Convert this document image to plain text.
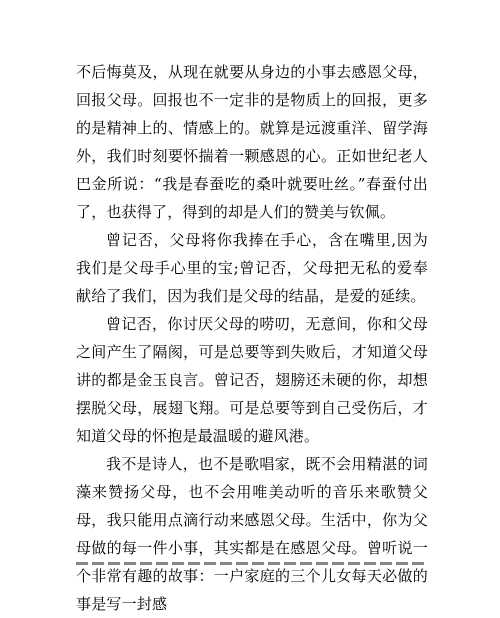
不后悔莫及，从现在就要从身边的小事去感恩父母，回报父母。回报也不一定非的是物质上的回报，更多的是精神上的、情感上的。就算是远渡重洋、留学海外，我们时刻要怀揣着一颗感恩的心。正如世纪老人巴金所说：“我是春蚕吃的桑叶就要吐丝。”春蚕付出了，也获得了，得到的却是人们的赞美与钦佩。

曾记否，父母将你我捧在手心，含在嘴里,因为我们是父母手心里的宝;曾记否，父母把无私的爱奉献给了我们，因为我们是父母的结晶，是爱的延续。

曾记否，你讨厌父母的唠叨，无意间，你和父母之间产生了隔阂，可是总要等到失败后，才知道父母讲的都是金玉良言。曾记否，翅膀还未硬的你，却想摆脱父母，展翅飞翔。可是总要等到自己受伤后，才知道父母的怀抱是最温暖的避风港。

我不是诗人，也不是歌唱家，既不会用精湛的词藻来赞扬父母，也不会用唯美动听的音乐来歌赞父母，我只能用点滴行动来感恩父母。生活中，你为父母做的每一件小事，其实都是在感恩父母。曾听说一个非常有趣的故事：一户家庭的三个儿女每天必做的事是写一封感
